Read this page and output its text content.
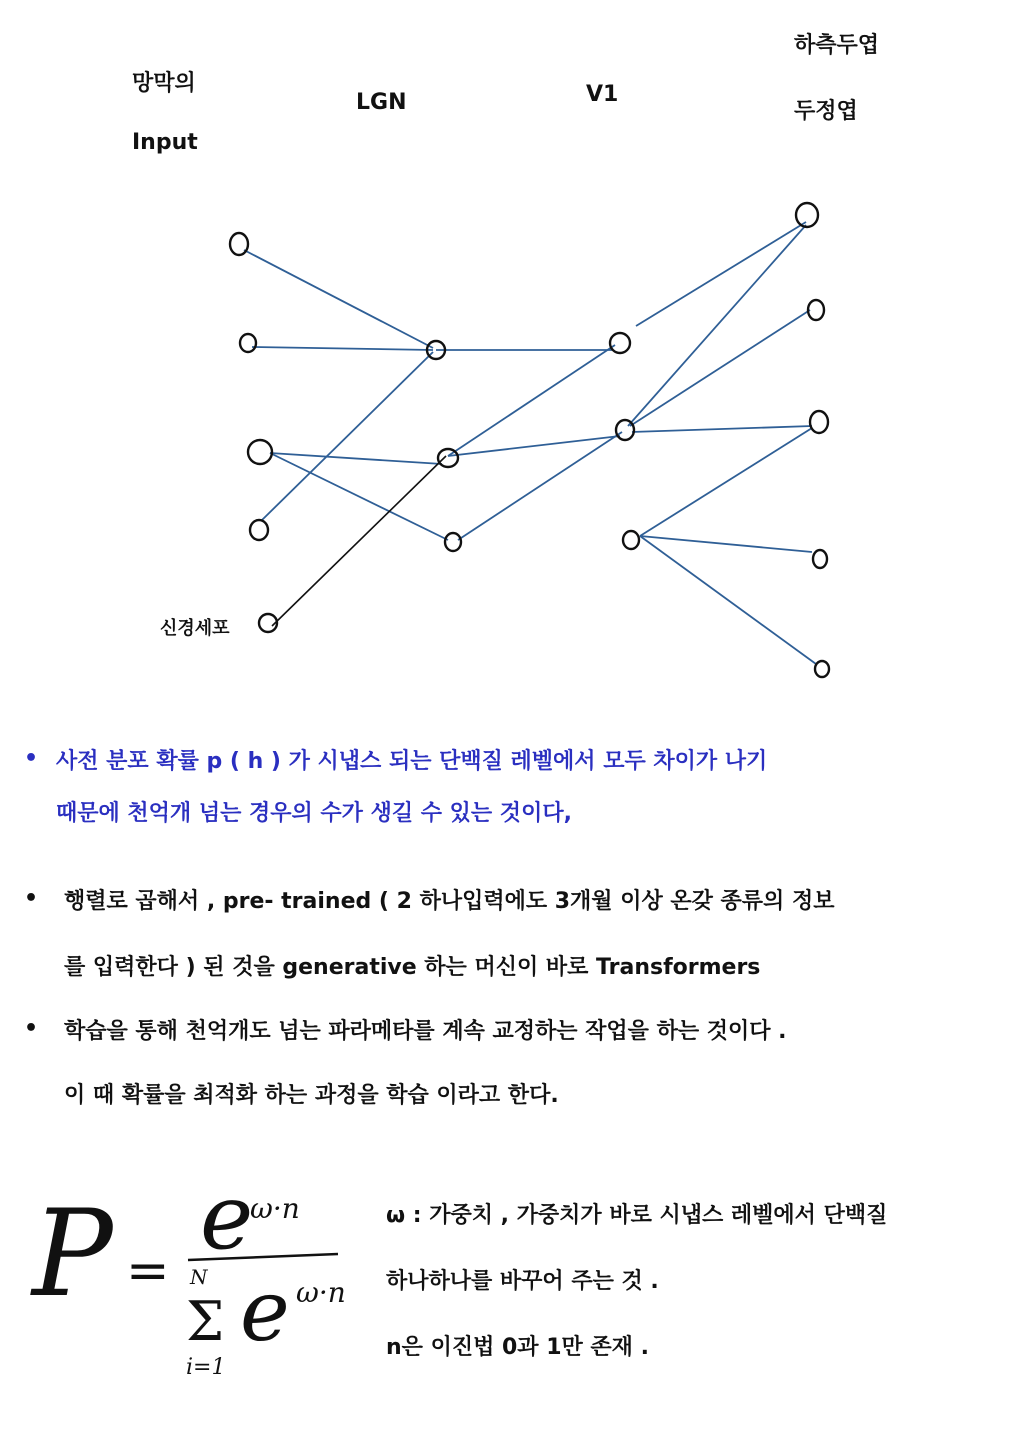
망막의
Input
LGN	V1
하측두엽
두정엽
신경세포
• 사전 분포 확률 p ( h ) 가 시냅스 되는 단백질 레벨에서 모두 차이가 나기
때문에 천억개 넘는 경우의 수가 생길 수 있는 것이다,
• 행렬로 곱해서 , pre- trained ( 2 하나입력에도 3개월 이상 온갖 종류의 정보
를 입력한다 ) 된 것을 generative 하는 머신이 바로 Transformers
• 학습을 통해 천억개도 넘는 파라메타를 계속 교정하는 작업을 하는 것이다 .
이 때 확률을 최적화 하는 과정을 학습 이라고 한다.
P =
e
ω·n
N
Σ
i=1
e ω·n
ω : 가중치 , 가중치가 바로 시냅스 레벨에서 단백질
하나하나를 바꾸어 주는 것 .
n은 이진법 0과 1만 존재 .
